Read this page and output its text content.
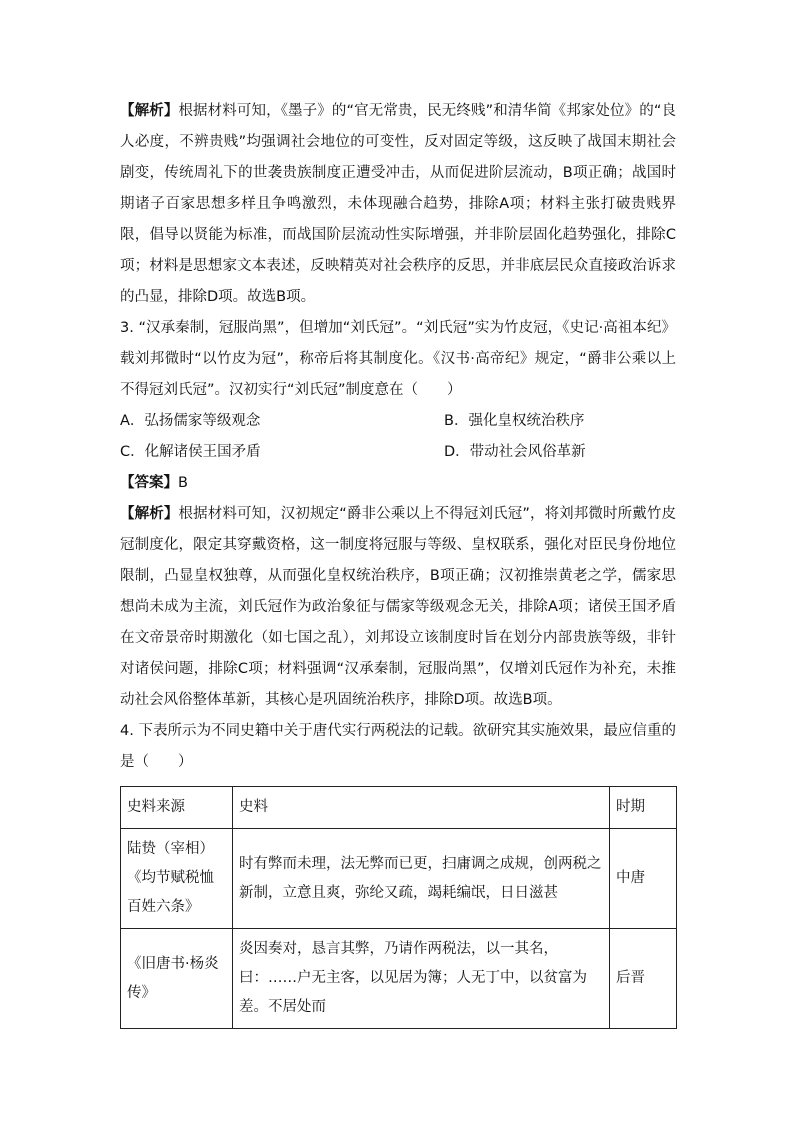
【解析】根据材料可知，《墨子》的“官无常贵，民无终贱”和清华简《邦家处位》的“良人必度，不辨贵贱”均强调社会地位的可变性，反对固定等级，这反映了战国末期社会剧变，传统周礼下的世袭贵族制度正遭受冲击，从而促进阶层流动，B项正确；战国时期诸子百家思想多样且争鸣激烈，未体现融合趋势，排除A项；材料主张打破贵贱界限，倡导以贤能为标准，而战国阶层流动性实际增强，并非阶层固化趋势强化，排除C项；材料是思想家文本表述，反映精英对社会秩序的反思，并非底层民众直接政治诉求的凸显，排除D项。故选B项。

3. “汉承秦制，冠服尚黑”，但增加“刘氏冠”。“刘氏冠”实为竹皮冠，《史记·高祖本纪》载刘邦微时“以竹皮为冠”，称帝后将其制度化。《汉书·高帝纪》规定，“爵非公乘以上不得冠刘氏冠”。汉初实行“刘氏冠”制度意在（　　）

A．弘扬儒家等级观念	B．强化皇权统治秩序
C．化解诸侯王国矛盾	D．带动社会风俗革新

【答案】B

【解析】根据材料可知，汉初规定“爵非公乘以上不得冠刘氏冠”，将刘邦微时所戴竹皮冠制度化，限定其穿戴资格，这一制度将冠服与等级、皇权联系，强化对臣民身份地位限制，凸显皇权独尊，从而强化皇权统治秩序，B项正确；汉初推崇黄老之学，儒家思想尚未成为主流，刘氏冠作为政治象征与儒家等级观念无关，排除A项；诸侯王国矛盾在文帝景帝时期激化（如七国之乱），刘邦设立该制度时旨在划分内部贵族等级，非针对诸侯问题，排除C项；材料强调“汉承秦制，冠服尚黑”，仅增刘氏冠作为补充，未推动社会风俗整体革新，其核心是巩固统治秩序，排除D项。故选B项。

4. 下表所示为不同史籍中关于唐代实行两税法的记载。欲研究其实施效果，最应信重的是（　　）

史料来源	史料	时期
陆贽（宰相）《均节赋税恤百姓六条》	时有弊而未理，法无弊而已更，扫庸调之成规，创两税之新制，立意且爽，弥纶又疏，竭耗编氓，日日滋甚	中唐
《旧唐书·杨炎传》	炎因奏对，恳言其弊，乃请作两税法，以一其名，曰：……户无主客，以见居为簿；人无丁中，以贫富为差。不居处而	后晋
